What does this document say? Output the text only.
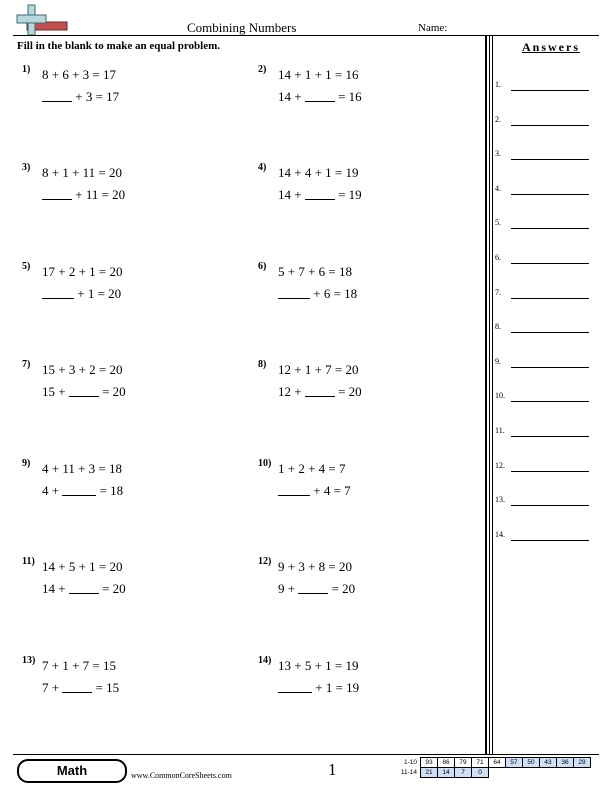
Combining Numbers	Name:
Fill in the blank to make an equal problem.
1) 8 + 6 + 3 = 17
+ 3 = 17
2) 14 + 1 + 1 = 16
14 +	= 16
3) 8 + 1 + 11 = 20
+ 11 = 20
4) 14 + 4 + 1 = 19
14 +	= 19
5) 17 + 2 + 1 = 20
+ 1 = 20
6) 5 + 7 + 6 = 18
+ 6 = 18
7) 15 + 3 + 2 = 20
15 +	= 20
8) 12 + 1 + 7 = 20
12 +	= 20
9) 4 + 11 + 3 = 18
4 +	= 18
10) 1 + 2 + 4 = 7
+ 4 = 7
11) 14 + 5 + 1 = 20
14 +	= 20
12) 9 + 3 + 8 = 20
9 +	= 20
13) 7 + 1 + 7 = 15
7 +	= 15
14) 13 + 5 + 1 = 19
+ 1 = 19
Answers
1.
2.
3.
4.
5.
6.
7.
8.
9.
10.
11.
12.
13.
14.
Math	www.CommonCoreSheets.com	1	1-10	93	86	79	71	64	57	50	43	36	29
11-14	21	14	7	0						
